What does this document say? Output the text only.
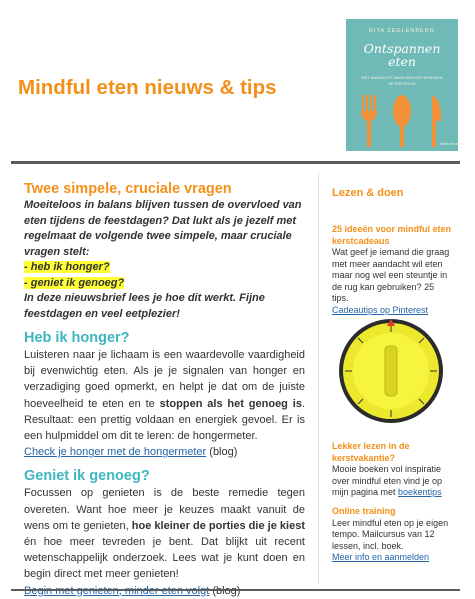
Mindful eten nieuws & tips
RITA ZEGLENBERG
Ontspannen
eten
MET AANDACHT NAAR EEN ONTSPANNEN EETPATROON
ankh-hermes
Twee simpele, cruciale vragen
Moeiteloos in balans blijven tussen de overvloed van eten tijdens de feestdagen? Dat lukt als je jezelf met regelmaat de volgende twee simpele, maar cruciale vragen stelt:
- heb ik honger?
- geniet ik genoeg?
In deze nieuwsbrief lees je hoe dit werkt. Fijne feestdagen en veel eetplezier!
Heb ik honger?
Luisteren naar je lichaam is een waardevolle vaardigheid bij evenwichtig eten. Als je je signalen van honger en verzadiging goed opmerkt, en helpt je dat om de juiste hoeveelheid te eten en te stoppen als het genoeg is. Resultaat: een prettig voldaan en energiek gevoel. Er is een hulpmiddel om dit te leren: de hongermeter.
Check je honger met de hongermeter (blog)
Geniet ik genoeg?
Focussen op genieten is de beste remedie tegen overeten. Want hoe meer je keuzes maakt vanuit de wens om te genieten, hoe kleiner de porties die je kiest én hoe meer tevreden je bent. Dat blijkt uit recent wetenschappelijk onderzoek. Lees wat je kunt doen en begin direct met meer genieten!

Lezen & doen
25 ideeën voor mindful eten kerstcadeaus
Wat geef je iemand die graag met meer aandacht wil eten maar nog wel een steuntje in de rug kan gebruiken? 25 tips.
Cadeautips op Pinterest
Lekker lezen in de kerstvakantie?
Mooie boeken vol inspiratie over mindful eten vind je op mijn pagina met boekentips
Online training
Leer mindful eten op je eigen tempo. Mailcursus van 12 lessen, incl. boek.
Meer info en aanmelden
